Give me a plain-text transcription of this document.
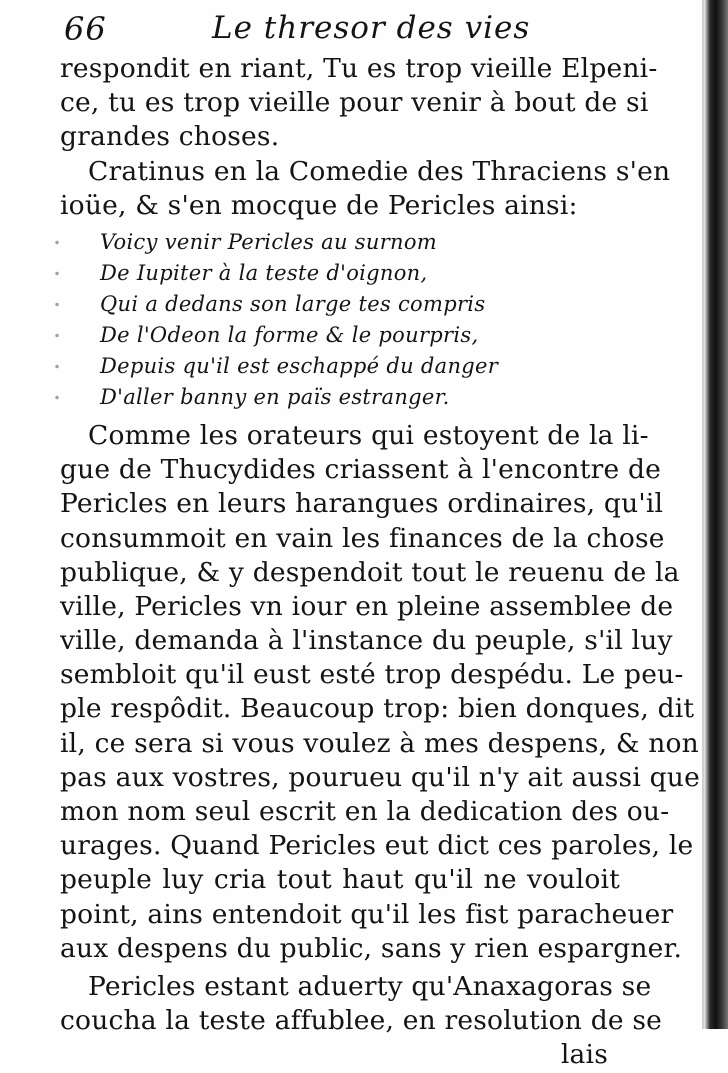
66	Le thresor des vies
respondit en riant, Tu es trop vieille Elpeni-
ce, tu es trop vieille pour venir à bout de si
grandes choses.
Cratinus en la Comedie des Thraciens s'en
ioüe, & s'en mocque de Pericles ainsi:
Voicy venir Pericles au surnom
De Iupiter à la teste d'oignon,
Qui a dedans son large tes compris
De l'Odeon la forme & le pourpris,
Depuis qu'il est eschappé du danger
D'aller banny en païs estranger.
Comme les orateurs qui estoyent de la li-
gue de Thucydides criassent à l'encontre de
Pericles en leurs harangues ordinaires, qu'il
consummoit en vain les finances de la chose
publique, & y despendoit tout le reuenu de la
ville, Pericles vn iour en pleine assemblee de
ville, demanda à l'instance du peuple, s'il luy
sembloit qu'il eust esté trop despédu. Le peu-
ple respôdit. Beaucoup trop: bien donques, dit
il, ce sera si vous voulez à mes despens, & non
pas aux vostres, pourueu qu'il n'y ait aussi que
mon nom seul escrit en la dedication des ou-
urages. Quand Pericles eut dict ces paroles, le
peuple luy cria tout haut qu'il ne vouloit
point, ains entendoit qu'il les fist paracheuer
aux despens du public, sans y rien espargner.
Pericles estant aduerty qu'Anaxagoras se
coucha la teste affublee, en resolution de se
lais
